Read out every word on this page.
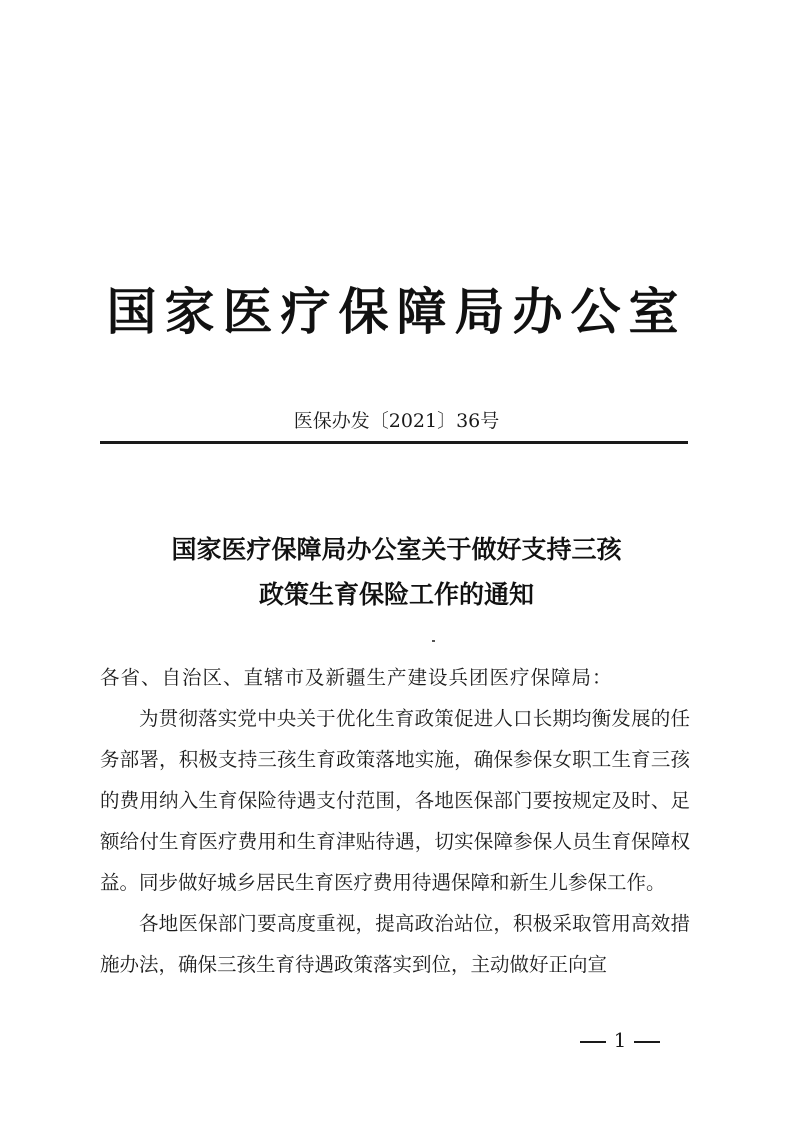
国家医疗保障局办公室
医保办发〔2021〕36号
国家医疗保障局办公室关于做好支持三孩
政策生育保险工作的通知

各省、自治区、直辖市及新疆生产建设兵团医疗保障局：

为贯彻落实党中央关于优化生育政策促进人口长期均衡发展的任务部署，积极支持三孩生育政策落地实施，确保参保女职工生育三孩的费用纳入生育保险待遇支付范围，各地医保部门要按规定及时、足额给付生育医疗费用和生育津贴待遇，切实保障参保人员生育保障权益。同步做好城乡居民生育医疗费用待遇保障和新生儿参保工作。

各地医保部门要高度重视，提高政治站位，积极采取管用高效措施办法，确保三孩生育待遇政策落实到位，主动做好正向宣

1
